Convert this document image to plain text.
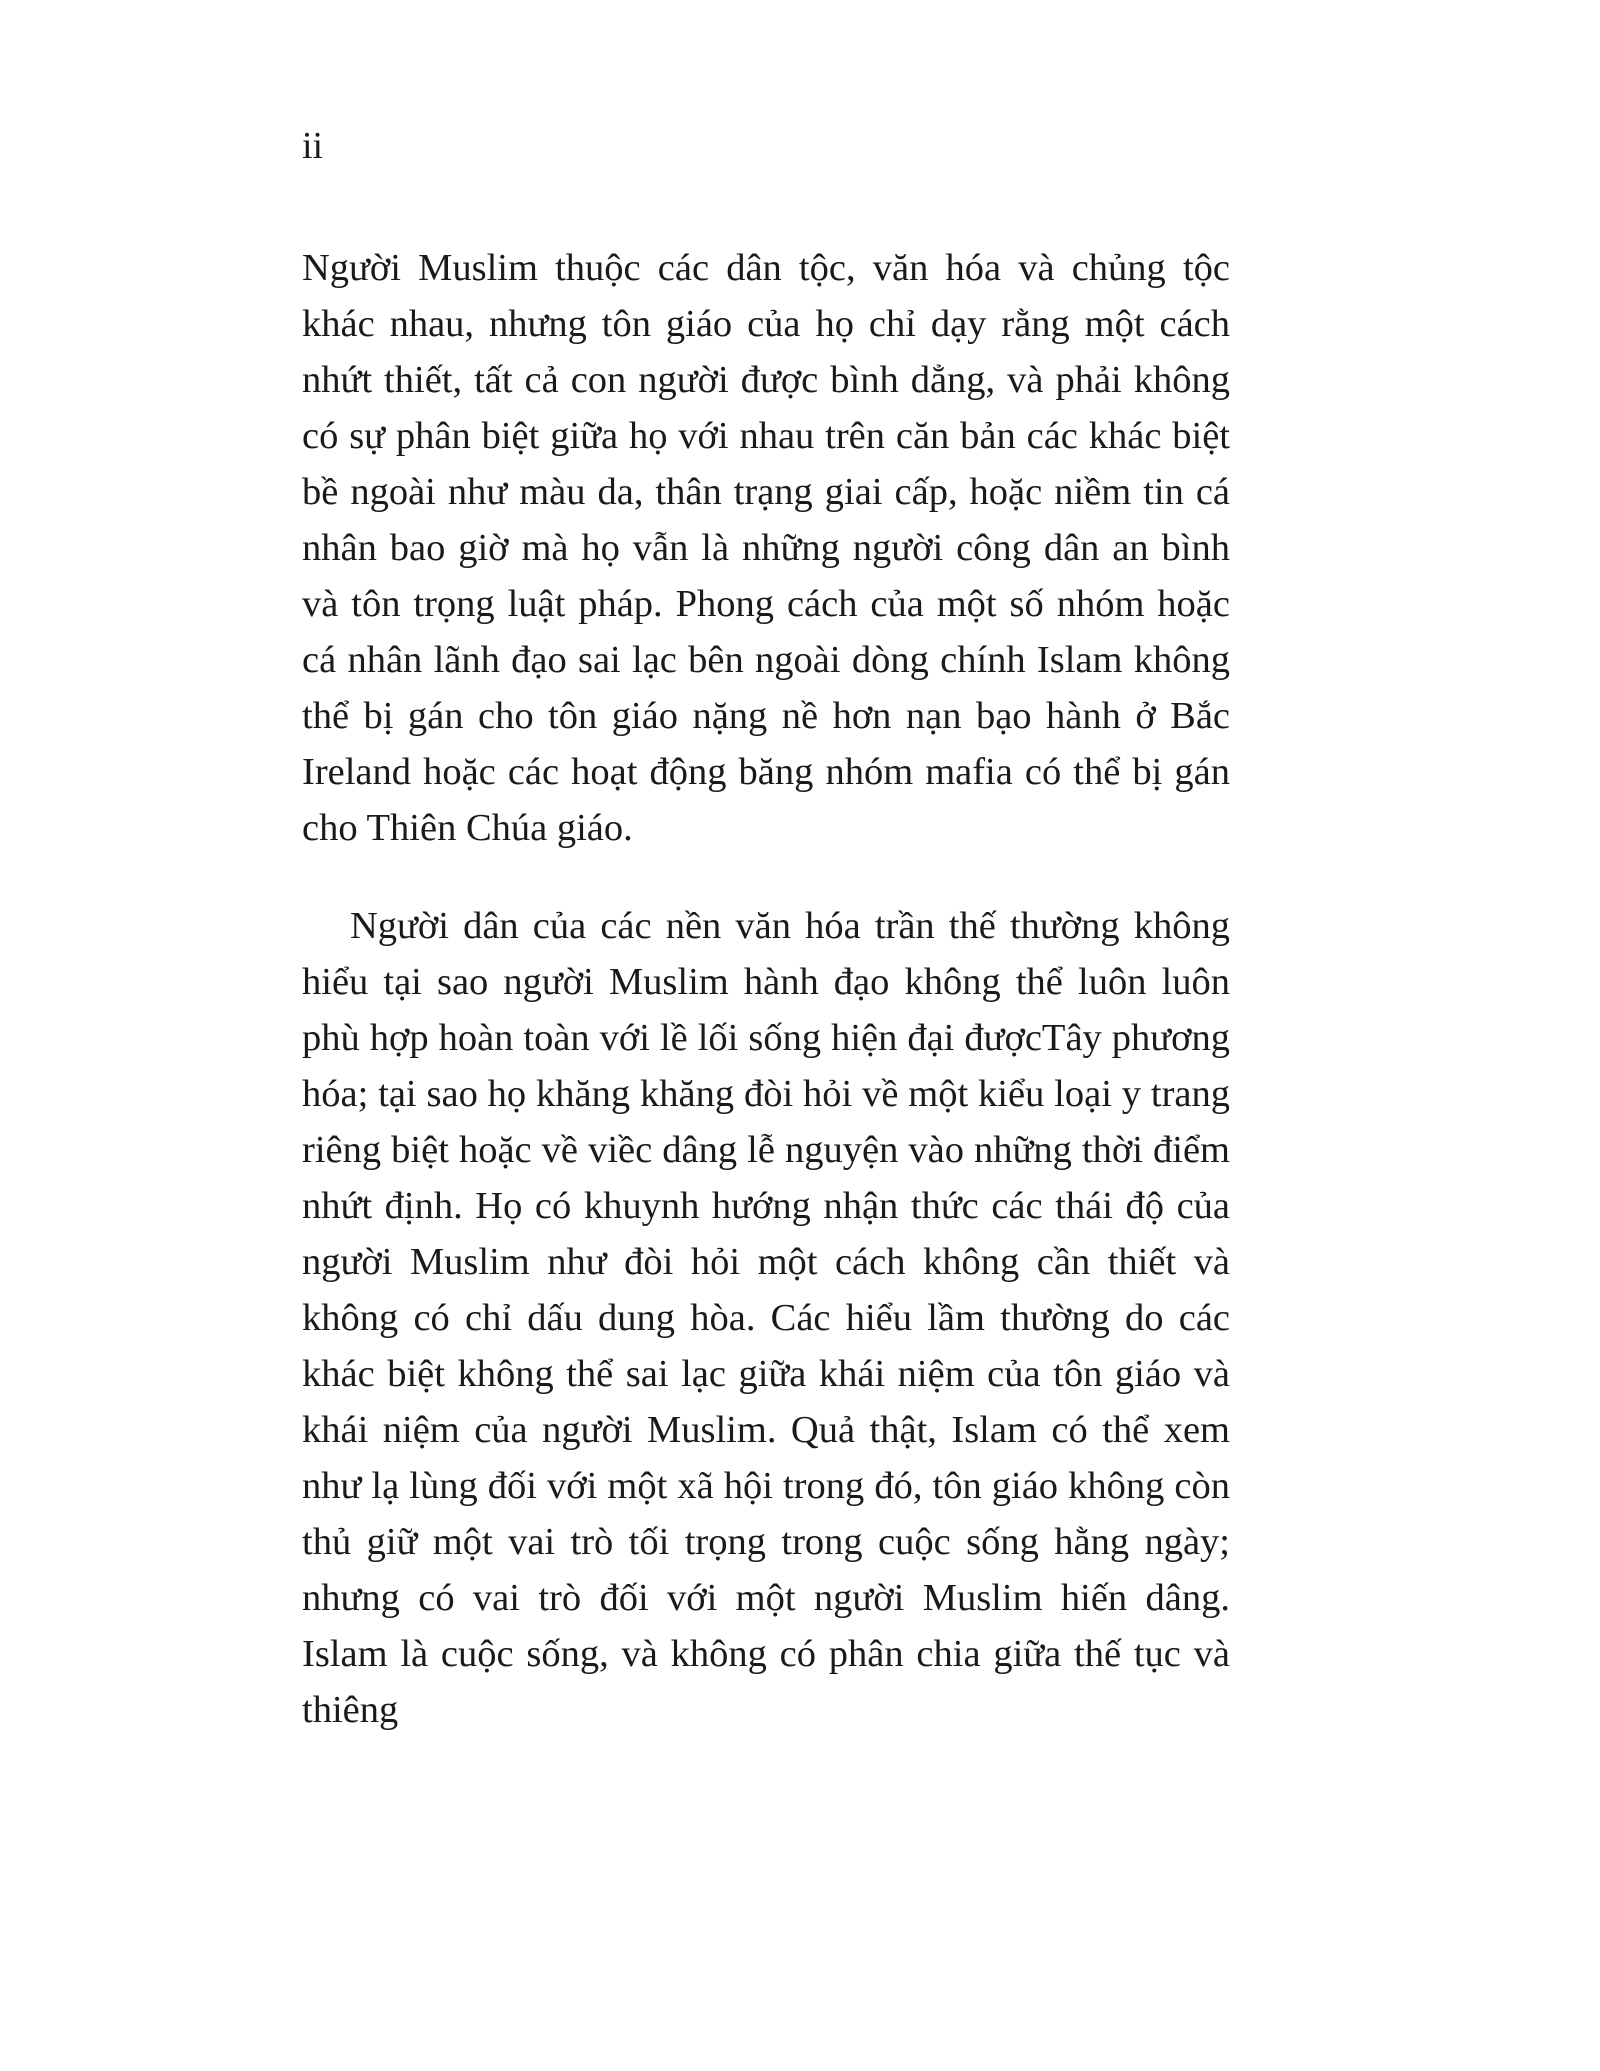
ii

Người Muslim thuộc các dân tộc, văn hóa và chủng tộc khác nhau, nhưng tôn giáo của họ chỉ dạy rằng một cách nhứt thiết, tất cả con người được bình dẳng, và phải không có sự phân biệt giữa họ với nhau trên căn bản các khác biệt bề ngoài như màu da, thân trạng giai cấp, hoặc niềm tin cá nhân bao giờ mà họ vẫn là những người công dân an bình và tôn trọng luật pháp. Phong cách của một số nhóm hoặc cá nhân lãnh đạo sai lạc bên ngoài dòng chính Islam không thể bị gán cho tôn giáo nặng nề hơn nạn bạo hành ở Bắc Ireland hoặc các hoạt động băng nhóm mafia có thể bị gán cho Thiên Chúa giáo.

Người dân của các nền văn hóa trần thế thường không hiểu tại sao người Muslim hành đạo không thể luôn luôn phù hợp hoàn toàn với lề lối sống hiện đại đượcTây phương hóa; tại sao họ khăng khăng đòi hỏi về một kiểu loại y trang riêng biệt hoặc về viềc dâng lễ nguyện vào những thời điểm nhứt định. Họ có khuynh hướng nhận thức các thái độ của người Muslim như đòi hỏi một cách không cần thiết và không có chỉ dấu dung hòa. Các hiểu lầm thường do các khác biệt không thể sai lạc giữa khái niệm của tôn giáo và khái niệm của người Muslim. Quả thật, Islam có thể xem như lạ lùng đối với một xã hội trong đó, tôn giáo không còn thủ giữ một vai trò tối trọng trong cuộc sống hằng ngày; nhưng có vai trò đối với một người Muslim hiến dâng. Islam là cuộc sống, và không có phân chia giữa thế tục và thiêng
